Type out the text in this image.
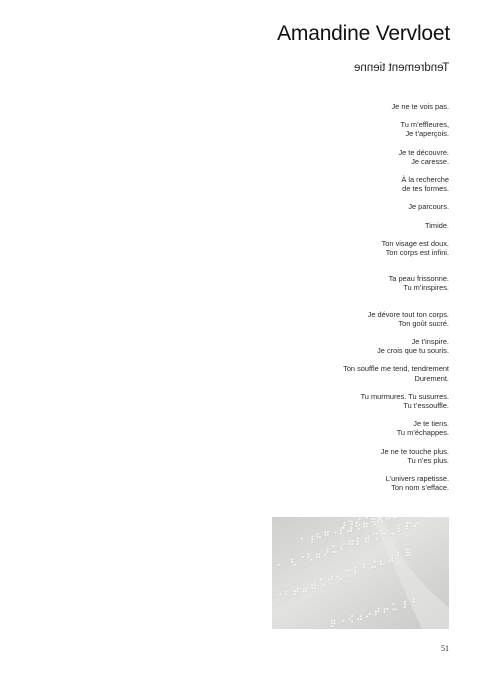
Amandine Vervloet
Tendrement tienne
Je ne te vois pas.
Tu m’effleures,
Je t’aperçois.
Je te découvre.
Je caresse.
À la recherche
de tes formes.
Je parcours.
Timide.
Ton visage est doux.
Ton corps est infini.
Ta peau frissonne.
Tu m’inspires.
Je dévore tout ton corps.
Ton goût sucré.
Je t’inspire.
Je crois que tu souris.
Ton souffle me tend, tendrement
Durement.
Tu murmures. Tu susurres.
Tu t’essouffle.
Je te tiens.
Tu m’échappes.
Je ne te touche plus.
Tu n’es plus.
L’univers rapetisse.
Ton nom s’efface.
51
